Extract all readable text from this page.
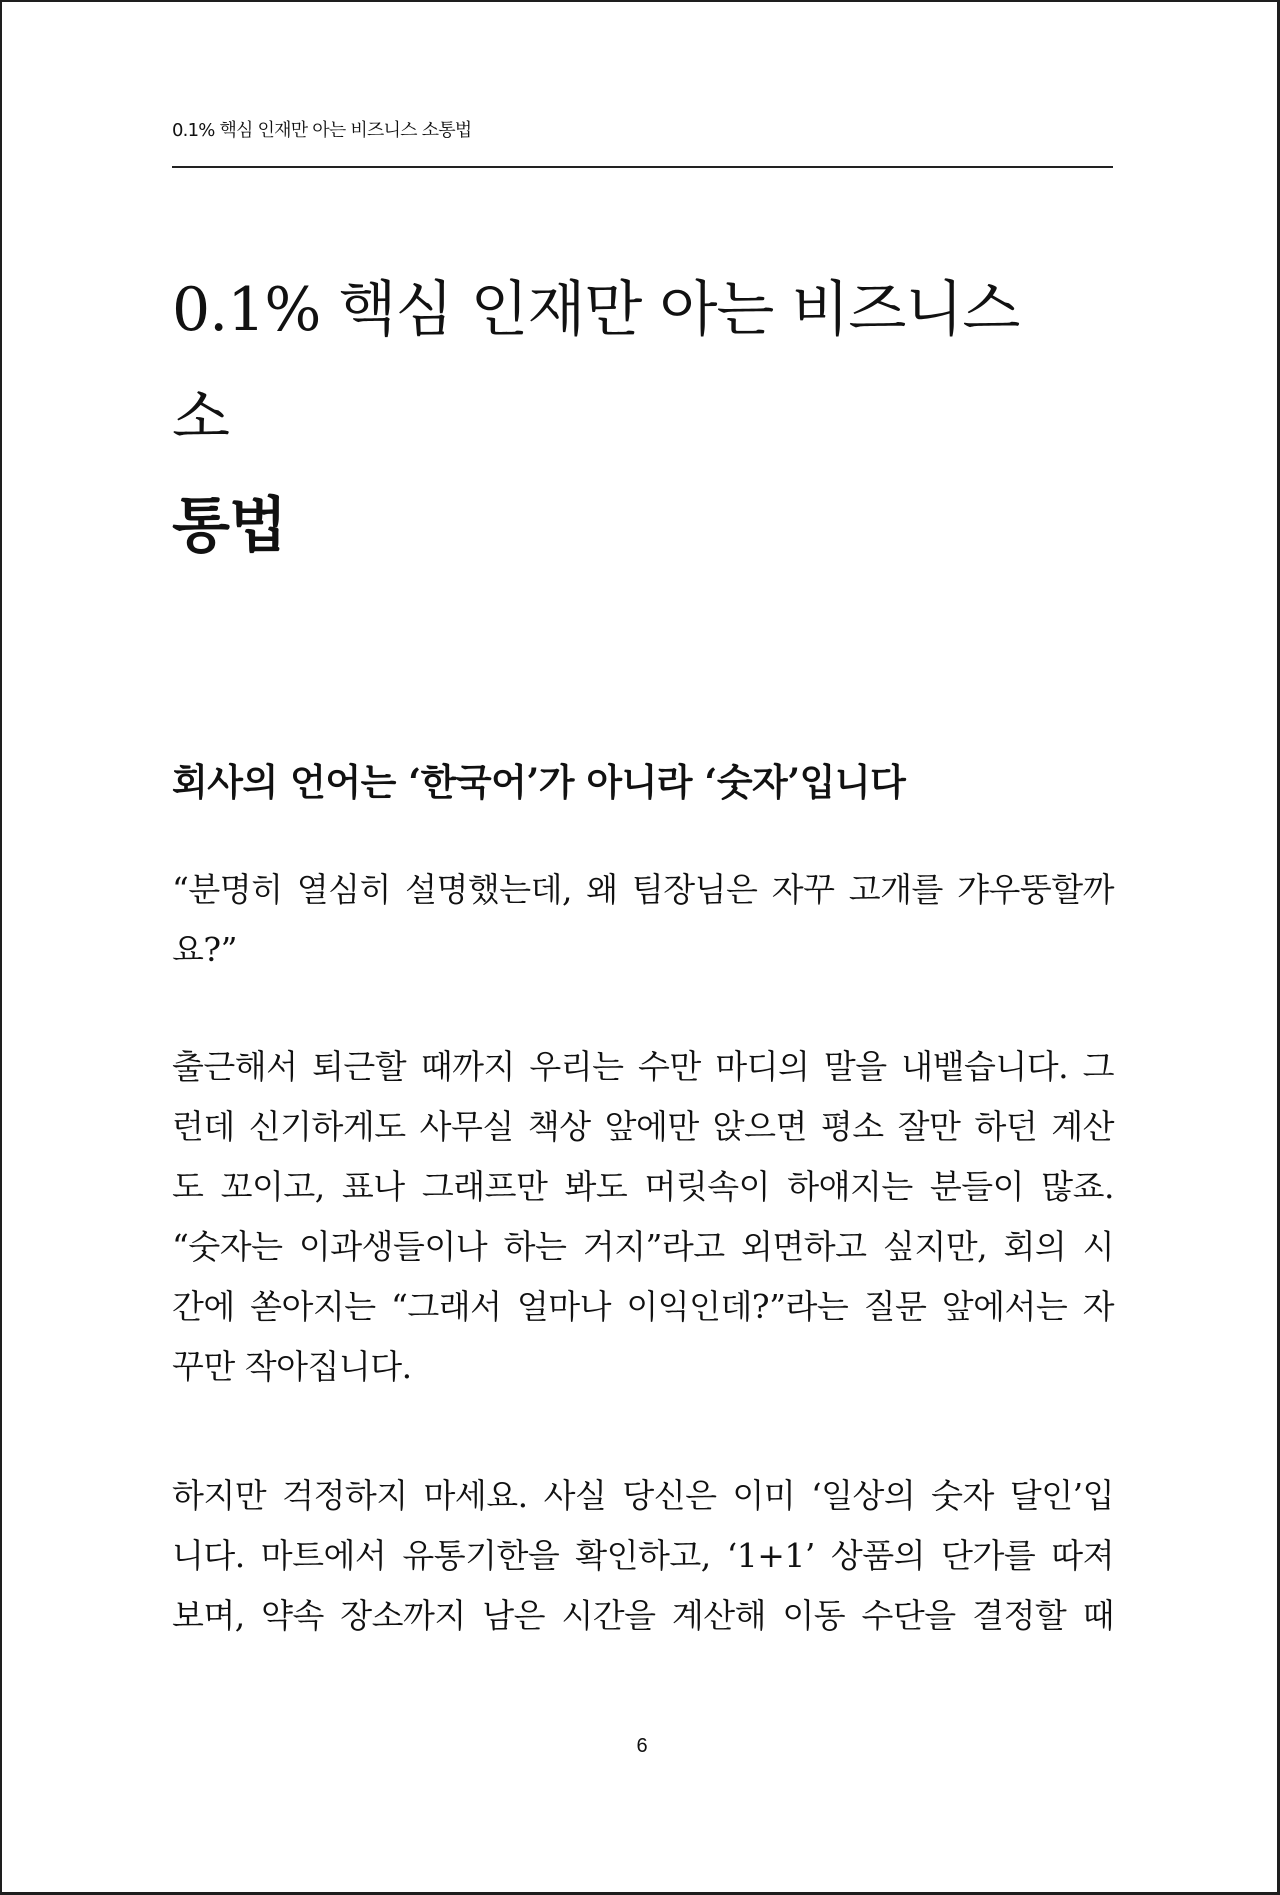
0.1% 핵심 인재만 아는 비즈니스 소통법
0.1% 핵심 인재만 아는 비즈니스 소
통법
회사의 언어는 ‘한국어’가 아니라 ‘숫자’입니다

“분명히 열심히 설명했는데, 왜 팀장님은 자꾸 고개를 갸우뚱할까
요?”

출근해서 퇴근할 때까지 우리는 수만 마디의 말을 내뱉습니다. 그
런데 신기하게도 사무실 책상 앞에만 앉으면 평소 잘만 하던 계산
도 꼬이고, 표나 그래프만 봐도 머릿속이 하얘지는 분들이 많죠.
“숫자는 이과생들이나 하는 거지”라고 외면하고 싶지만, 회의 시
간에 쏟아지는 “그래서 얼마나 이익인데?”라는 질문 앞에서는 자
꾸만 작아집니다.

하지만 걱정하지 마세요. 사실 당신은 이미 ‘일상의 숫자 달인’입
니다. 마트에서 유통기한을 확인하고, ‘1+1’ 상품의 단가를 따져
보며, 약속 장소까지 남은 시간을 계산해 이동 수단을 결정할 때

6
